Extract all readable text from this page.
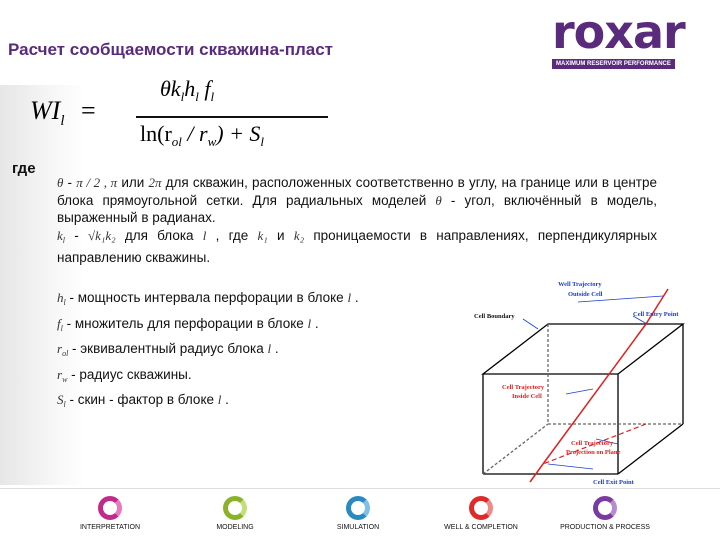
Расчет сообщаемости скважина-пласт	roxar
MAXIMUM RESERVOIR PERFORMANCE
$WI_l$ =
$\theta k_lh_l$ $f_l$
$\ln(r_{ol} / r_w) + S_l$
где
θ - π / 2 , π или 2π для скважин, расположенных соответственно в углу, на границе или в центре блока прямоугольной сетки. Для радиальных моделей θ - угол, включённый в модель, выраженный в радианах.
$k_l - √k_1k_2$ для блока l , где k₁ и k₂ проницаемости в направлениях, перпендикулярных направлению скважины.
$h_l$ - мощность интервала перфорации в блоке l .
$f_l$ - множитель для перфорации в блоке l .
$r_{ol}$ - эквивалентный радиус блока l .
$r_w$ - радиус скважины.
$S_l$ - скин - фактор в блоке l .
Well Trajectory
Outside Cell
Cell Boundary	Cell Entry Point
Cell Trajectory
Inside Cell
Cell Trajectory
Projection on Plane
Cell Exit Point
INTERPRETATION	MODELING	SIMULATION	WELL & COMPLETION	PRODUCTION & PROCESS
